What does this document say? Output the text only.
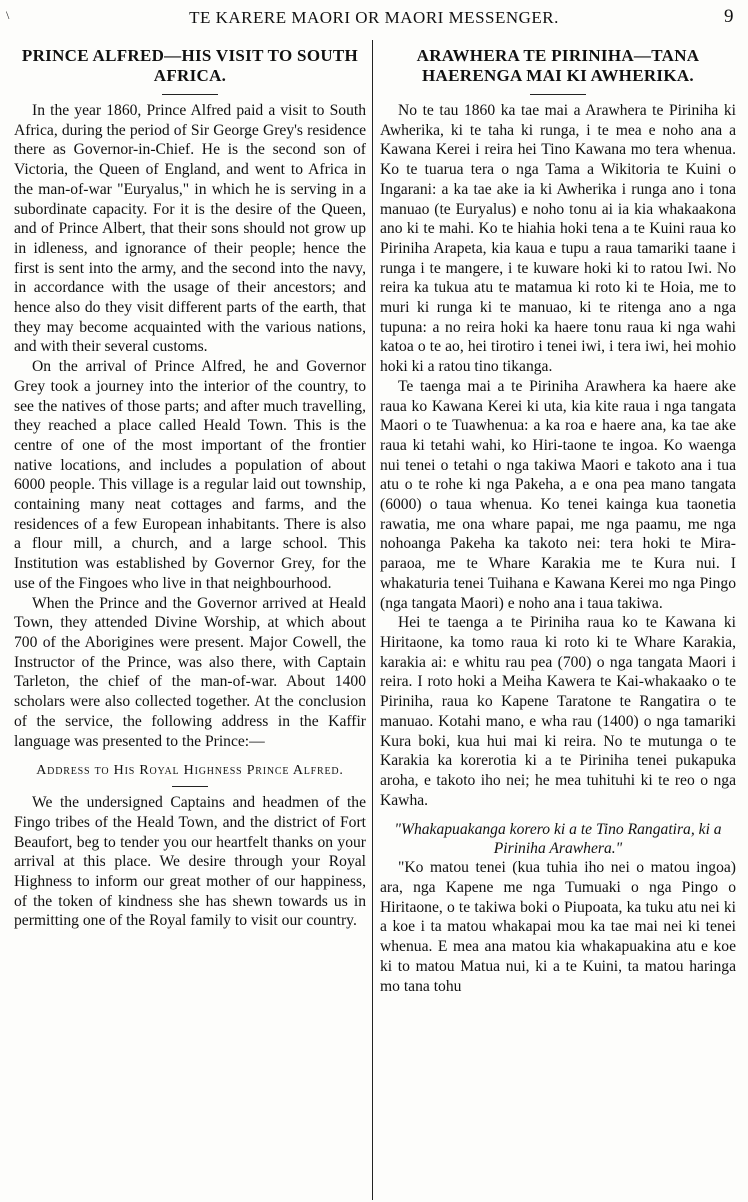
\	TE KARERE MAORI OR MAORI MESSENGER.	9
PRINCE ALFRED—HIS VISIT TO SOUTH AFRICA.

In the year 1860, Prince Alfred paid a visit to South Africa, during the period of Sir George Grey's residence there as Governor-in-Chief. He is the second son of Victoria, the Queen of England, and went to Africa in the man-of-war "Euryalus," in which he is serving in a subordinate capacity. For it is the desire of the Queen, and of Prince Albert, that their sons should not grow up in idleness, and ignorance of their people; hence the first is sent into the army, and the second into the navy, in accordance with the usage of their ancestors; and hence also do they visit different parts of the earth, that they may become acquainted with the various nations, and with their several customs.

On the arrival of Prince Alfred, he and Governor Grey took a journey into the interior of the country, to see the natives of those parts; and after much travelling, they reached a place called Heald Town. This is the centre of one of the most important of the frontier native locations, and includes a population of about 6000 people. This village is a regular laid out township, containing many neat cottages and farms, and the residences of a few European inhabitants. There is also a flour mill, a church, and a large school. This Institution was established by Governor Grey, for the use of the Fingoes who live in that neighbourhood.

When the Prince and the Governor arrived at Heald Town, they attended Divine Worship, at which about 700 of the Aborigines were present. Major Cowell, the Instructor of the Prince, was also there, with Captain Tarleton, the chief of the man-of-war. About 1400 scholars were also collected together. At the conclusion of the service, the following address in the Kaffir language was presented to the Prince:—

Address to His Royal Highness Prince Alfred.

We the undersigned Captains and headmen of the Fingo tribes of the Heald Town, and the district of Fort Beaufort, beg to tender you our heartfelt thanks on your arrival at this place. We desire through your Royal Highness to inform our great mother of our happiness, of the token of kindness she has shewn towards us in permitting one of the Royal family to visit our country.

ARAWHERA TE PIRINIHA—TANA HAERENGA MAI KI AWHERIKA.

No te tau 1860 ka tae mai a Arawhera te Piriniha ki Awherika, ki te taha ki runga, i te mea e noho ana a Kawana Kerei i reira hei Tino Kawana mo tera whenua. Ko te tuarua tera o nga Tama a Wikitoria te Kuini o Ingarani: a ka tae ake ia ki Awherika i runga ano i tona manuao (te Euryalus) e noho tonu ai ia kia whakaakona ano ki te mahi. Ko te hiahia hoki tena a te Kuini raua ko Piriniha Arapeta, kia kaua e tupu a raua tamariki taane i runga i te mangere, i te kuware hoki ki to ratou Iwi. No reira ka tukua atu te matamua ki roto ki te Hoia, me to muri ki runga ki te manuao, ki te ritenga ano a nga tupuna: a no reira hoki ka haere tonu raua ki nga wahi katoa o te ao, hei tirotiro i tenei iwi, i tera iwi, hei mohio hoki ki a ratou tino tikanga.

Te taenga mai a te Piriniha Arawhera ka haere ake raua ko Kawana Kerei ki uta, kia kite raua i nga tangata Maori o te Tuawhenua: a ka roa e haere ana, ka tae ake raua ki tetahi wahi, ko Hiri-taone te ingoa. Ko waenga nui tenei o tetahi o nga takiwa Maori e takoto ana i tua atu o te rohe ki nga Pakeha, a e ona pea mano tangata (6000) o taua whenua. Ko tenei kainga kua taonetia rawatia, me ona whare papai, me nga paamu, me nga nohoanga Pakeha ka takoto nei: tera hoki te Mira-paraoa, me te Whare Karakia me te Kura nui. I whakaturia tenei Tuihana e Kawana Kerei mo nga Pingo (nga tangata Maori) e noho ana i taua takiwa.

Hei te taenga a te Piriniha raua ko te Kawana ki Hiritaone, ka tomo raua ki roto ki te Whare Karakia, karakia ai: e whitu rau pea (700) o nga tangata Maori i reira. I roto hoki a Meiha Kawera te Kai-whakaako o te Piriniha, raua ko Kapene Taratone te Rangatira o te manuao. Kotahi mano, e wha rau (1400) o nga tamariki Kura boki, kua hui mai ki reira. No te mutunga o te Karakia ka korerotia ki a te Piriniha tenei pukapuka aroha, e takoto iho nei; he mea tuhituhi ki te reo o nga Kawha.

"Whakapuakanga korero ki a te Tino Rangatira, ki a Piriniha Arawhera."

"Ko matou tenei (kua tuhia iho nei o matou ingoa) ara, nga Kapene me nga Tumuaki o nga Pingo o Hiritaone, o te takiwa boki o Piupoata, ka tuku atu nei ki a koe i ta matou whakapai mou ka tae mai nei ki tenei whenua. E mea ana matou kia whakapuakina atu e koe ki to matou Matua nui, ki a te Kuini, ta matou haringa mo tana tohu
